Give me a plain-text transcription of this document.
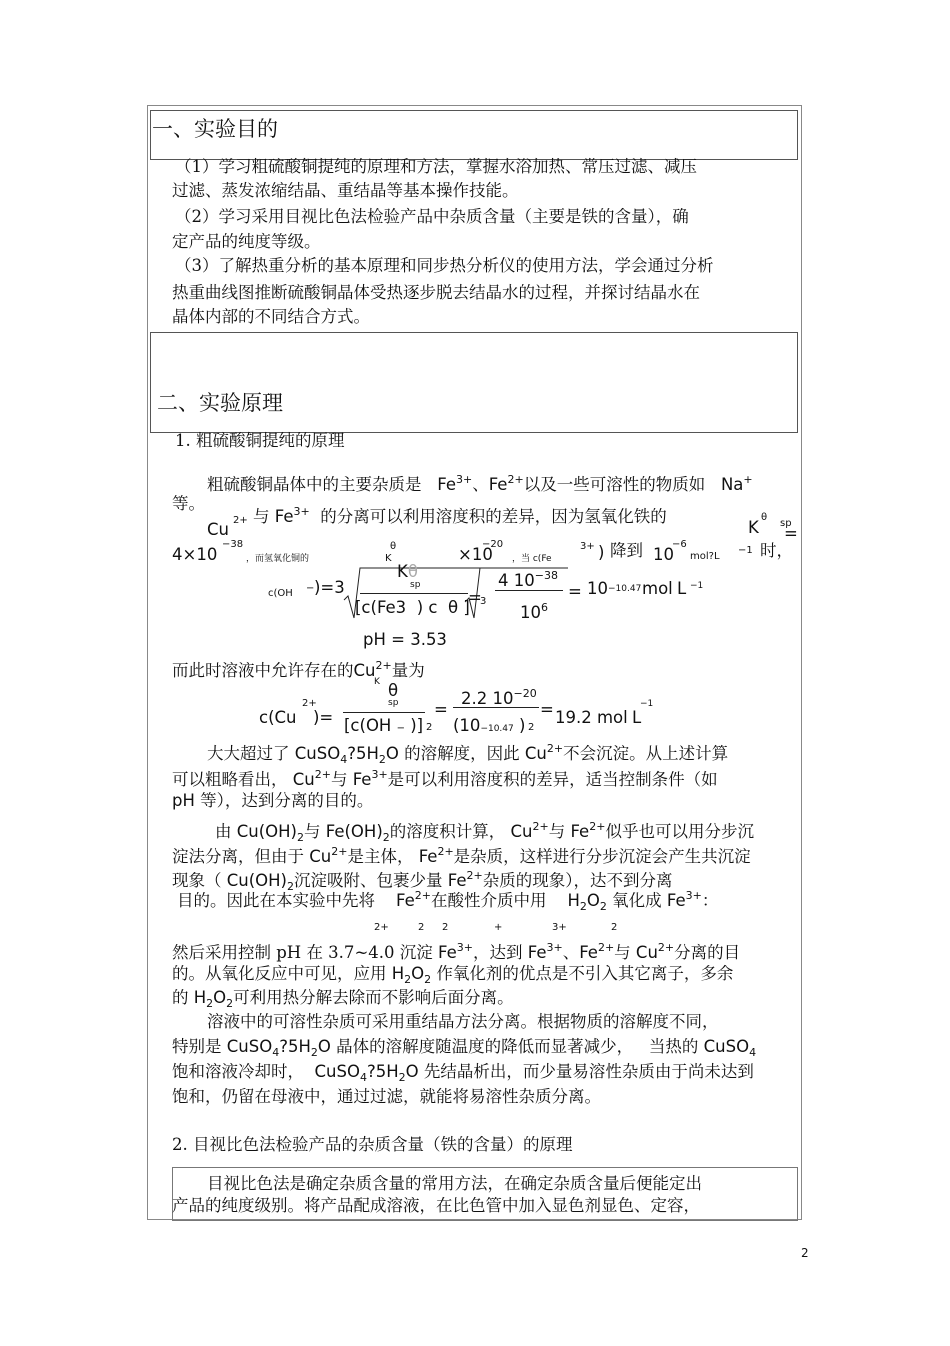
一、实验目的
（1）学习粗硫酸铜提纯的原理和方法，掌握水浴加热、常压过滤、减压
过滤、蒸发浓缩结晶、重结晶等基本操作技能。
（2）学习采用目视比色法检验产品中杂质含量（主要是铁的含量），确
定产品的纯度等级。
（3）了解热重分析的基本原理和同步热分析仪的使用方法，学会通过分析
热重曲线图推断硫酸铜晶体受热逐步脱去结晶水的过程，并探讨结晶水在
晶体内部的不同结合方式。
二、实验原理
1. 粗硫酸铜提纯的原理
粗硫酸铜晶体中的主要杂质是 $Fe^{3+}$、$Fe^{2+}$以及一些可溶性的物质如 Na+
等。
与 $Fe^{3+}$ 的分离可以利用溶度积的差异，因为氢氧化铁的
Cu 2+	K
θ
sp
=
4×10
−38
，而氢氧化铜的
θ
K	×10
−20
，当 c(Fe
3+ ) 降到 10
−6
mol?L
−1 时，
c(OH − )=3
Kθ
sp
[c(Fe3 ) c θ ]
=
3
4 $10^{-38}$
$10^6$
= 10 −10.47 mol L −1
pH = 3.53
而此时溶液中允许存在的$Cu^{2+}$量为
K θ
sp
c(Cu
2+
)= [c(OH − )] 2
=
2.2 $10^{-20}$
(10−10.47 ) 2
= 19.2 mol L
−1
大大超过了 $CuSO_4?5H_2O$ 的溶解度，因此 $Cu^{2+}$不会沉淀。从上述计算
可以粗略看出， $Cu^{2+}$与 $Fe^{3+}$是可以利用溶度积的差异，适当控制条件（如
pH 等），达到分离的目的。
由 $Cu(OH)_2$与 $Fe(OH)_2$的溶度积计算， $Cu^{2+}$与 $Fe^{2+}$似乎也可以用分步沉
淀法分离，但由于 $Cu^{2+}$是主体， $Fe^{2+}$是杂质，这样进行分步沉淀会产生共沉淀
现象（ $Cu(OH)_2$沉淀吸附、包裹少量 $Fe^{2+}$杂质的现象），达不到分离
目的。因此在本实验中先将 $Fe^{2+}$在酸性介质中用 $H_2O_2$ 氧化成 $Fe^{3+}$：
2+	2 2	+	3+	2
然后采用控制 pH 在 3.7~4.0 沉淀 $Fe^{3+}$，达到 $Fe^{3+}$、$Fe^{2+}$与 $Cu^{2+}$分离的目
的。从氧化反应中可见，应用 $H_2O_2$ 作氧化剂的优点是不引入其它离子，多余
的 $H_2O_2$可利用热分解去除而不影响后面分离。
溶液中的可溶性杂质可采用重结晶方法分离。根据物质的溶解度不同，
特别是 $CuSO_4?5H_2O$ 晶体的溶解度随温度的降低而显著减少， 当热的 CuSO$_4$
饱和溶液冷却时， $CuSO_4?5H_2O$ 先结晶析出，而少量易溶性杂质由于尚未达到
饱和，仍留在母液中，通过过滤，就能将易溶性杂质分离。
2. 目视比色法检验产品的杂质含量（铁的含量）的原理
目视比色法是确定杂质含量的常用方法，在确定杂质含量后便能定出
产品的纯度级别。将产品配成溶液，在比色管中加入显色剂显色、定容，
2
